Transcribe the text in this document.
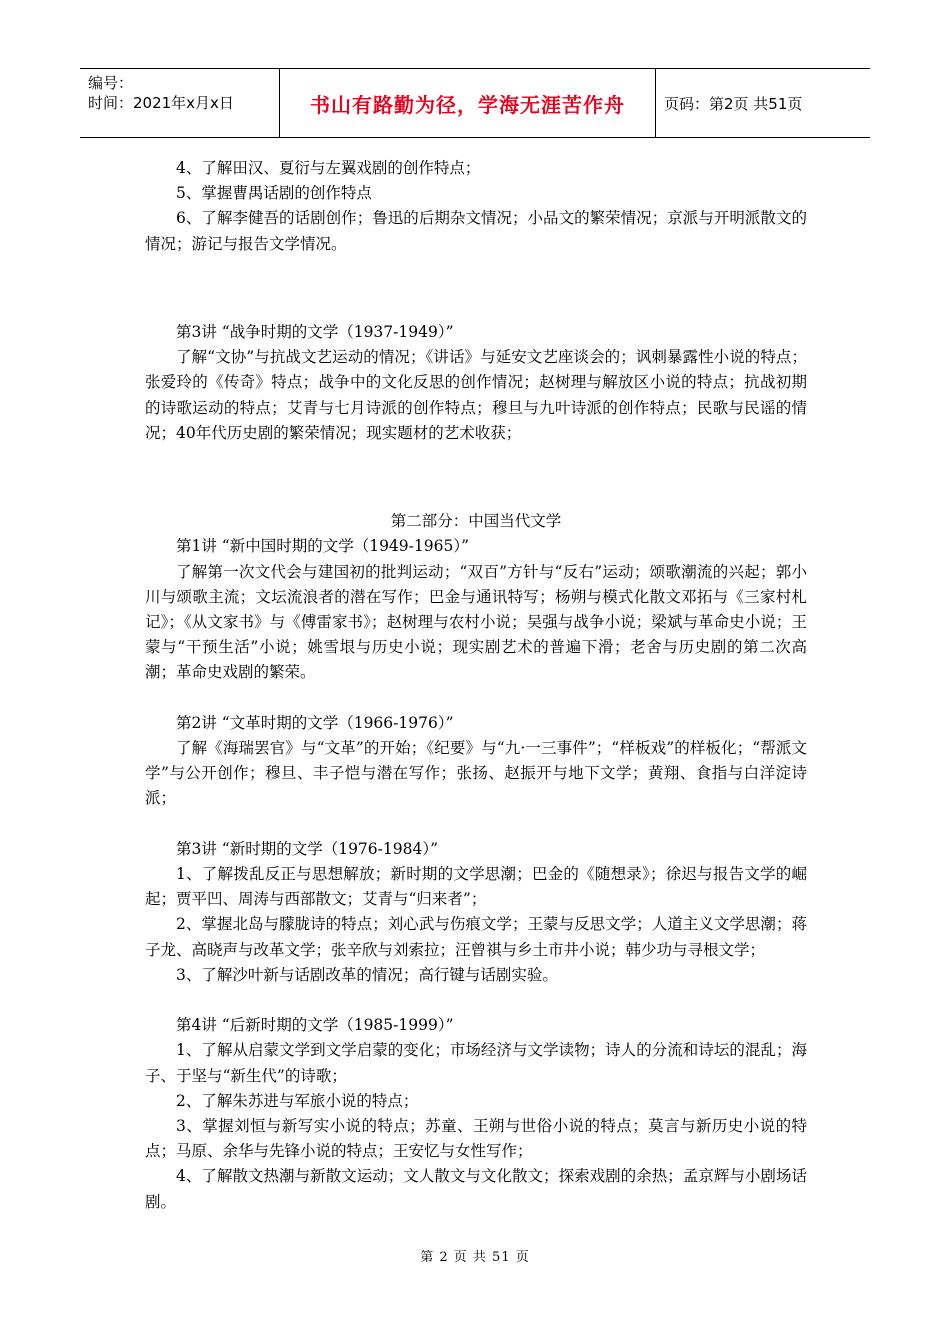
编号：
时间：2021年x月x日	书山有路勤为径，学海无涯苦作舟	页码：第2页 共51页

4、了解田汉、夏衍与左翼戏剧的创作特点；

5、掌握曹禺话剧的创作特点

6、了解李健吾的话剧创作；鲁迅的后期杂文情况；小品文的繁荣情况；京派与开明派散文的情况；游记与报告文学情况。

第3讲 “战争时期的文学（1937-1949）”

了解“文协”与抗战文艺运动的情况；《讲话》与延安文艺座谈会的；讽刺暴露性小说的特点；张爱玲的《传奇》特点；战争中的文化反思的创作情况；赵树理与解放区小说的特点；抗战初期的诗歌运动的特点；艾青与七月诗派的创作特点；穆旦与九叶诗派的创作特点；民歌与民谣的情况；40年代历史剧的繁荣情况；现实题材的艺术收获；

第二部分：中国当代文学

第1讲 “新中国时期的文学（1949-1965）”

了解第一次文代会与建国初的批判运动；“双百”方针与“反右”运动；颂歌潮流的兴起；郭小川与颂歌主流；文坛流浪者的潜在写作；巴金与通讯特写；杨朔与模式化散文邓拓与《三家村札记》；《从文家书》与《傅雷家书》；赵树理与农村小说；吴强与战争小说；梁斌与革命史小说；王蒙与“干预生活”小说；姚雪垠与历史小说；现实剧艺术的普遍下滑；老舍与历史剧的第二次高潮；革命史戏剧的繁荣。

第2讲 “文革时期的文学（1966-1976）”

了解《海瑞罢官》与“文革”的开始；《纪要》与“九·一三事件”；“样板戏”的样板化；“帮派文学”与公开创作；穆旦、丰子恺与潜在写作；张扬、赵振开与地下文学；黄翔、食指与白洋淀诗派；

第3讲 “新时期的文学（1976-1984）”

1、了解拨乱反正与思想解放；新时期的文学思潮；巴金的《随想录》；徐迟与报告文学的崛起；贾平凹、周涛与西部散文；艾青与“归来者”；

2、掌握北岛与朦胧诗的特点；刘心武与伤痕文学；王蒙与反思文学；人道主义文学思潮；蒋子龙、高晓声与改革文学；张辛欣与刘索拉；汪曾祺与乡土市井小说；韩少功与寻根文学；

3、了解沙叶新与话剧改革的情况；高行键与话剧实验。

第4讲 “后新时期的文学（1985-1999）”

1、了解从启蒙文学到文学启蒙的变化；市场经济与文学读物；诗人的分流和诗坛的混乱；海子、于坚与“新生代”的诗歌；

2、了解朱苏进与军旅小说的特点；

3、掌握刘恒与新写实小说的特点；苏童、王朔与世俗小说的特点；莫言与新历史小说的特点；马原、余华与先锋小说的特点；王安忆与女性写作；

4、了解散文热潮与新散文运动；文人散文与文化散文；探索戏剧的余热；孟京辉与小剧场话剧。

第 2 页 共 51 页
